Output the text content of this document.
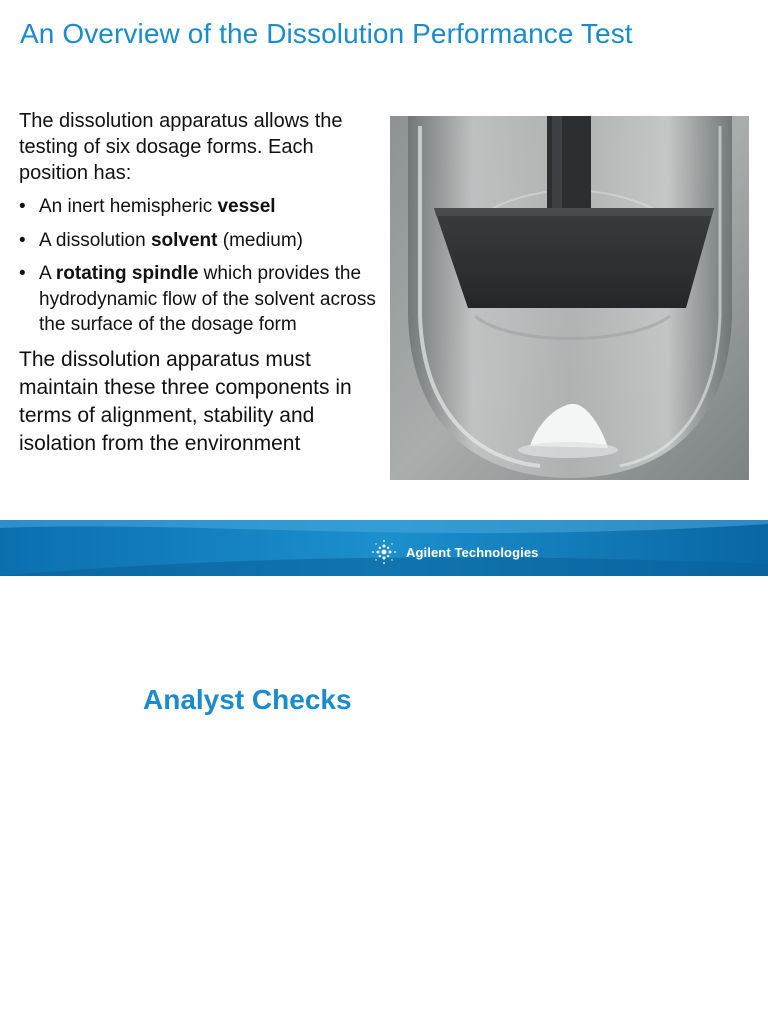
An Overview of the Dissolution Performance Test

The dissolution apparatus allows the testing of six dosage forms. Each position has:

• An inert hemispheric vessel
• A dissolution solvent (medium)
• A rotating spindle which provides the hydrodynamic flow of the solvent across the surface of the dosage form

The dissolution apparatus must maintain these three components in terms of alignment, stability and isolation from the environment

Agilent Technologies
Analyst Checks
